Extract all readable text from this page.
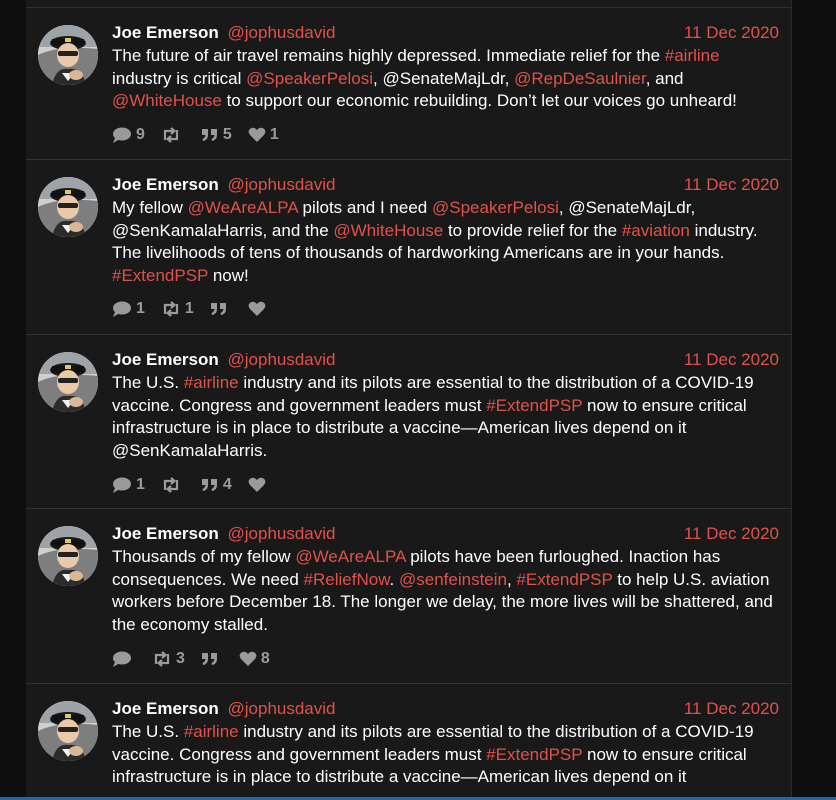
Joe Emerson @jophusdavid	11 Dec 2020
The future of air travel remains highly depressed. Immediate relief for the #airline industry is critical @SpeakerPelosi, @SenateMajLdr, @RepDeSaulnier, and @WhiteHouse to support our economic rebuilding. Don’t let our voices go unheard!
9	5 1
Joe Emerson @jophusdavid	11 Dec 2020
My fellow @WeAreALPA pilots and I need @SpeakerPelosi, @SenateMajLdr, @SenKamalaHarris, and the @WhiteHouse to provide relief for the #aviation industry. The livelihoods of tens of thousands of hardworking Americans are in your hands. #ExtendPSP now!
1	1
Joe Emerson @jophusdavid	11 Dec 2020
The U.S. #airline industry and its pilots are essential to the distribution of a COVID-19 vaccine. Congress and government leaders must #ExtendPSP now to ensure critical infrastructure is in place to distribute a vaccine—American lives depend on it @SenKamalaHarris.
1	4
Joe Emerson @jophusdavid	11 Dec 2020
Thousands of my fellow @WeAreALPA pilots have been furloughed. Inaction has consequences. We need #ReliefNow. @senfeinstein, #ExtendPSP to help U.S. aviation workers before December 18. The longer we delay, the more lives will be shattered, and the economy stalled.
3	8
Joe Emerson @jophusdavid	11 Dec 2020
The U.S. #airline industry and its pilots are essential to the distribution of a COVID-19 vaccine. Congress and government leaders must #ExtendPSP now to ensure critical infrastructure is in place to distribute a vaccine—American lives depend on it
